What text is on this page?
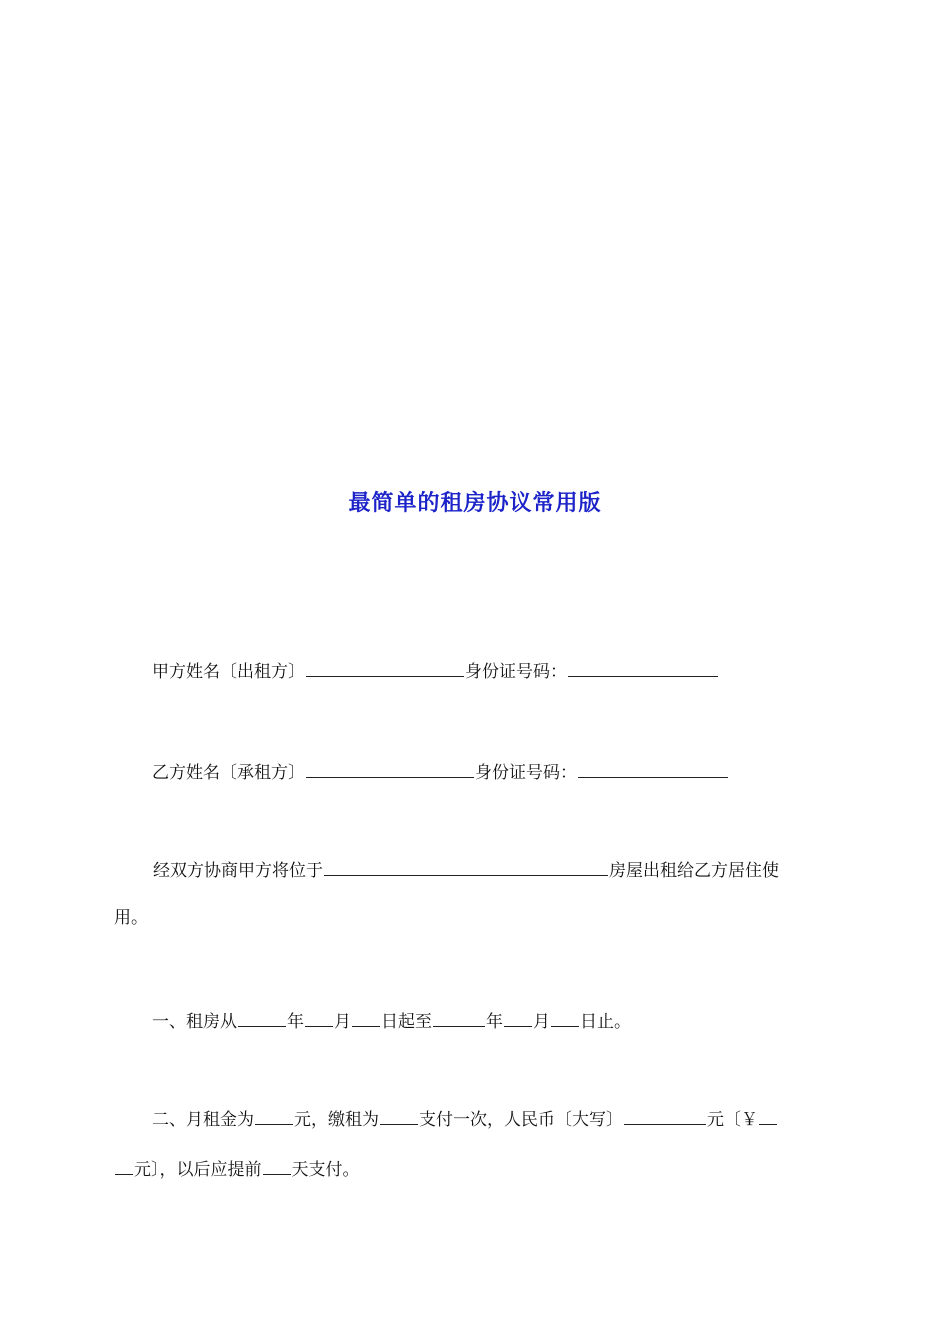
最简单的租房协议常用版
甲方姓名〔出租方〕	身份证号码：
乙方姓名〔承租方〕	身份证号码：
经双方协商甲方将位于	房屋出租给乙方居住使
用。
一、租房从	年 月 日起至	年 月 日止。
二、月租金为 元，缴租为 支付一次，人民币〔大写〕	元〔￥
元〕，以后应提前 天支付。
